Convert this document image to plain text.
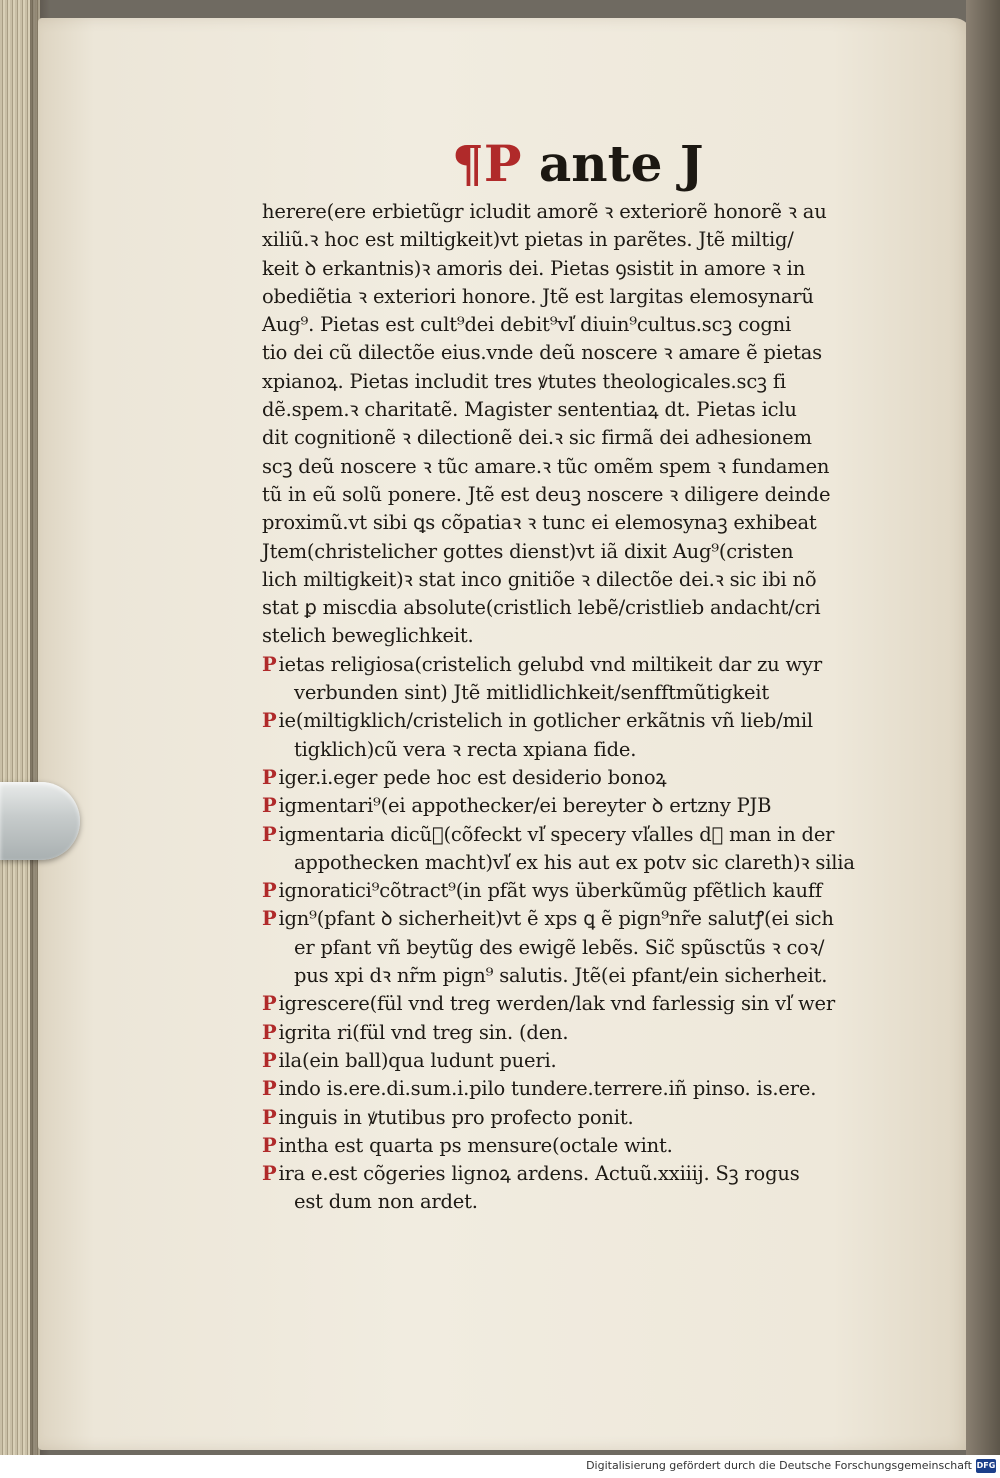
¶P ante J
herere(ere erbietũgr icludit amorẽ ꝛ exteriorẽ honorẽ ꝛ au
xiliũ.ꝛ hoc est miltigkeit)vt pietas in parẽtes. Jtẽ miltig/
keit ꝺ erkantnis)ꝛ amoris dei. Pietas ꝯsistit in amore ꝛ in
obediẽtia ꝛ exteriori honore. Jtẽ est largitas elemosynarũ
Aug⁹. Pietas est cult⁹dei debit⁹vl̕ diuin⁹cultus.scꝫ cogni
tio dei cũ dilectõe eius.vnde deũ noscere ꝛ amare ẽ pietas
xpianoꝝ. Pietas includit tres ꝟtutes theologicales.scꝫ fi
dẽ.spem.ꝛ charitatẽ. Magister sententiaꝝ dt. Pietas iclu
dit cognitionẽ ꝛ dilectionẽ dei.ꝛ sic firmã dei adhesionem
scꝫ deũ noscere ꝛ tũc amare.ꝛ tũc omẽm spem ꝛ fundamen
tũ in eũ solũ ponere. Jtẽ est deuꝫ noscere ꝛ diligere deinde
proximũ.vt sibi ꝗs cõpatiaꝛ ꝛ tunc ei elemosynaꝫ exhibeat
Jtem(christelicher gottes dienst)vt iã dixit Aug⁹(cristen
lich miltigkeit)ꝛ stat inco gnitiõe ꝛ dilectõe dei.ꝛ sic ibi nõ
stat ꝑ miscdia absolute(cristlich lebẽ/cristlieb andacht/cri
stelich beweglichkeit.
P ietas religiosa(cristelich gelubd vnd miltikeit dar zu wyr
verbunden sint) Jtẽ mitlidlichkeit/senfftmũtigkeit
P ie(miltigklich/cristelich in gotlicher erkãtnis vñ lieb/mil
tigklich)cũ vera ꝛ recta xpiana fide.
P iger.i.eger pede hoc est desiderio bonoꝝ
P igmentari⁹(ei appothecker/ei bereyter ꝺ ertzny PJB
P igmentaria dicũᷓ(cõfeckt vl̕ specery vl̕alles dꝫ man in der
appothecken macht)vl̕ ex his aut ex potv sic clareth)ꝛ silia
P ignoratici⁹cõtract⁹(in pfãt wys überkũmũg pfẽtlich kauff
P ign⁹(pfant ꝺ sicherheit)vt ẽ xps ꝗ ẽ pign⁹nr̃e salutꝭ(ei sich
er pfant vñ beytũg des ewigẽ lebẽs. Sic̃ spũsctũs ꝛ coꝛ/
pus xpi dꝛ nr̃m pign⁹ salutis. Jtẽ(ei pfant/ein sicherheit.
P igrescere(fül vnd treg werden/lak vnd farlessig sin vl̕ wer
P igrita ri(fül vnd treg sin. (den.
P ila(ein ball)qua ludunt pueri.
P indo is.ere.di.sum.i.pilo tundere.terrere.iñ pinso. is.ere.
P inguis in ꝟtutibus pro profecto ponit.
P intha est quarta ps mensure(octale wint.
P ira e.est cõgeries lignoꝝ ardens. Actuũ.xxiiij. Sꝫ rogus
est dum non ardet.
Digitalisierung gefördert durch die Deutsche Forschungsgemeinschaft DFG
